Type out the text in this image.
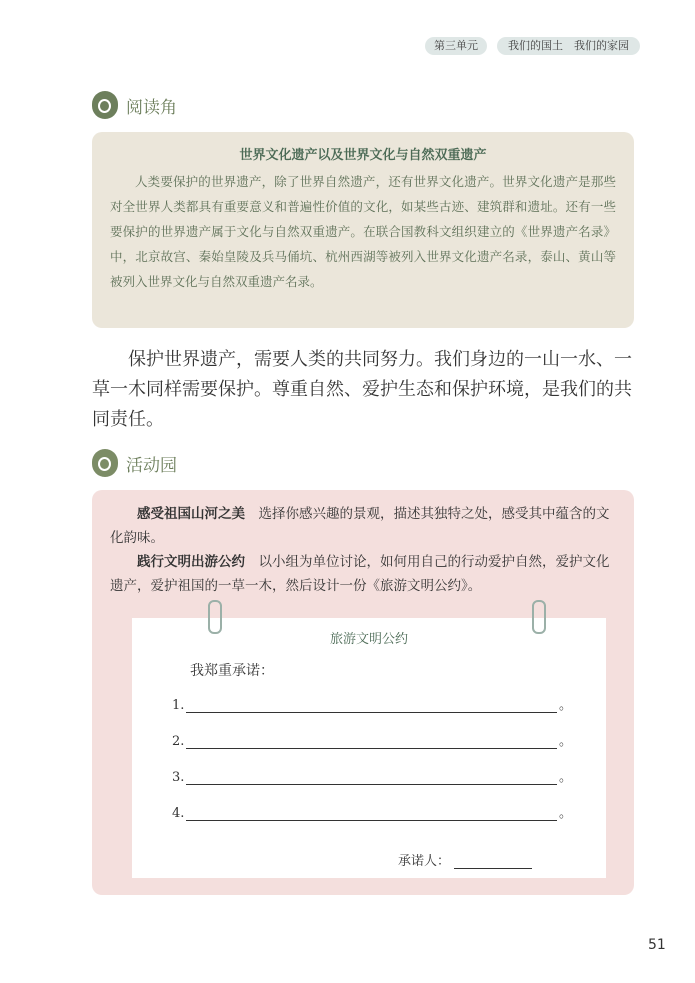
第三单元	我们的国土　我们的家园
阅读角
世界文化遗产以及世界文化与自然双重遗产

人类要保护的世界遗产，除了世界自然遗产，还有世界文化遗产。世界文化遗产是那些对全世界人类都具有重要意义和普遍性价值的文化，如某些古迹、建筑群和遗址。还有一些要保护的世界遗产属于文化与自然双重遗产。在联合国教科文组织建立的《世界遗产名录》中，北京故宫、秦始皇陵及兵马俑坑、杭州西湖等被列入世界文化遗产名录，泰山、黄山等被列入世界文化与自然双重遗产名录。

保护世界遗产，需要人类的共同努力。我们身边的一山一水、一草一木同样需要保护。尊重自然、爱护生态和保护环境，是我们的共同责任。

活动园

感受祖国山河之美　 选择你感兴趣的景观，描述其独特之处，感受其中蕴含的文化韵味。

践行文明出游公约　 以小组为单位讨论，如何用自己的行动爱护自然，爱护文化遗产，爱护祖国的一草一木，然后设计一份《旅游文明公约》。

旅游文明公约
我郑重承诺：
1.	。
2.	。
3.	。
4.	。
承诺人：
51
